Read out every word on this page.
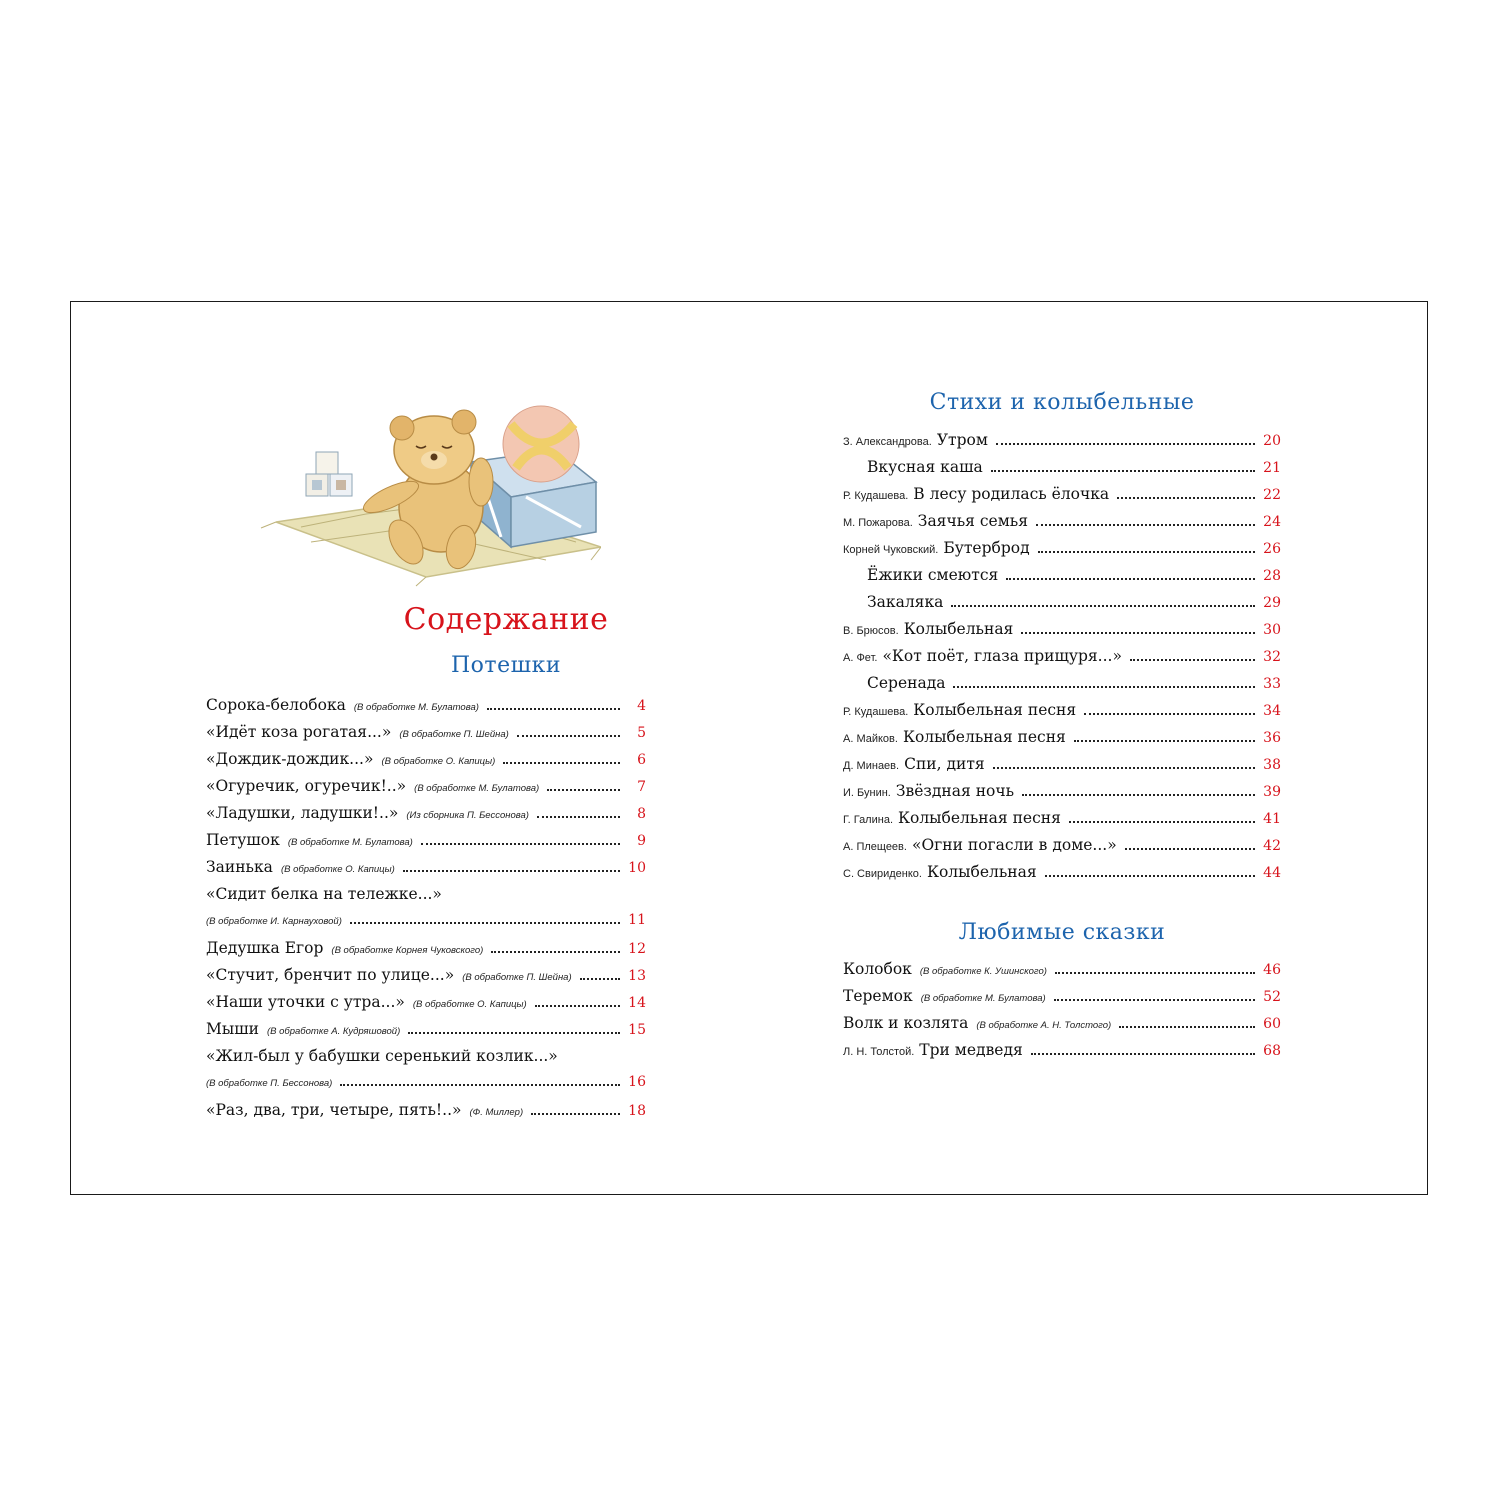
Содержание
Потешки
Сорока-белобока (В обработке М. Булатова)	4
«Идёт коза рогатая...» (В обработке П. Шейна)	5
«Дождик-дождик...» (В обработке О. Капицы)	6
«Огуречик, огуречик!..» (В обработке М. Булатова)	7
«Ладушки, ладушки!..» (Из сборника П. Бессонова)	8
Петушок (В обработке М. Булатова)	9
Заинька (В обработке О. Капицы)	10
«Сидит белка на тележке...»
(В обработке И. Карнауховой)	11
Дедушка Егор (В обработке Корнея Чуковского)	12
«Стучит, бренчит по улице...» (В обработке П. Шейна)	13
«Наши уточки с утра...» (В обработке О. Капицы)	14
Мыши (В обработке А. Кудряшовой)	15
«Жил-был у бабушки серенький козлик...»
(В обработке П. Бессонова)	16
«Раз, два, три, четыре, пять!..» (Ф. Миллер)	18
Стихи и колыбельные
З. Александрова. Утром	20
Вкусная каша	21
Р. Кудашева. В лесу родилась ёлочка	22
М. Пожарова. Заячья семья	24
Корней Чуковский. Бутерброд	26
Ёжики смеются	28
Закаляка	29
В. Брюсов. Колыбельная	30
А. Фет. «Кот поёт, глаза прищуря...»	32
Серенада	33
Р. Кудашева. Колыбельная песня	34
А. Майков. Колыбельная песня	36
Д. Минаев. Спи, дитя	38
И. Бунин. Звёздная ночь	39
Г. Галина. Колыбельная песня	41
А. Плещеев. «Огни погасли в доме...»	42
С. Свириденко. Колыбельная	44
Любимые сказки
Колобок (В обработке К. Ушинского)	46
Теремок (В обработке М. Булатова)	52
Волк и козлята (В обработке А. Н. Толстого)	60
Л. Н. Толстой. Три медведя	68
